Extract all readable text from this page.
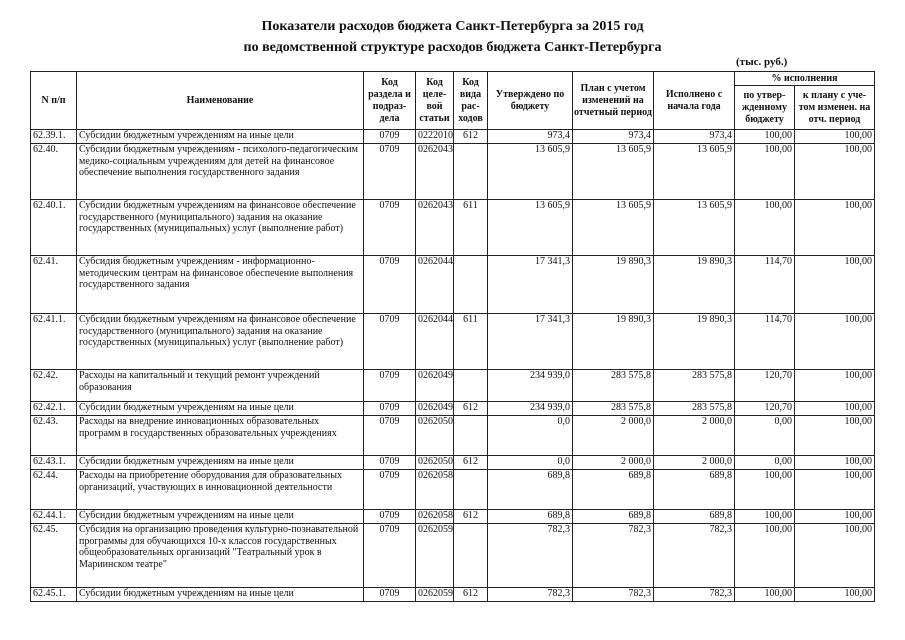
Показатели расходов бюджета Санкт-Петербурга за 2015 год
по ведомственной структуре расходов бюджета Санкт-Петербурга
(тыс. руб.)
N п/п	Наименование	Код раздела и подраз-дела	Код целе-вой статьи	Код вида рас-ходов	Утверждено по бюджету	План с учетом изменений на отчетный период	Исполнено с начала года	% исполнения	
								по утвер-жденному бюджету	к плану с уче-том изменен. на отч. период
62.39.1.	Субсидии бюджетным учреждениям на иные цели	0709	0222010	612	973,4	973,4	973,4	100,00	100,00
62.40.	Субсидии бюджетным учреждениям - психолого-педагогическим медико-социальным учреждениям для детей на финансовое обеспечение выполнения государственного задания	0709	0262043		13 605,9	13 605,9	13 605,9	100,00	100,00
62.40.1.	Субсидии бюджетным учреждениям на финансовое обеспечение государственного (муниципального) задания на оказание государственных (муниципальных) услуг (выполнение работ)	0709	0262043	611	13 605,9	13 605,9	13 605,9	100,00	100,00
62.41.	Субсидия бюджетным учреждениям - информационно-методическим центрам на финансовое обеспечение выполнения государственного задания	0709	0262044		17 341,3	19 890,3	19 890,3	114,70	100,00
62.41.1.	Субсидии бюджетным учреждениям на финансовое обеспечение государственного (муниципального) задания на оказание государственных (муниципальных) услуг (выполнение работ)	0709	0262044	611	17 341,3	19 890,3	19 890,3	114,70	100,00
62.42.	Расходы на капитальный и текущий ремонт учреждений образования	0709	0262049		234 939,0	283 575,8	283 575,8	120,70	100,00
62.42.1.	Субсидии бюджетным учреждениям на иные цели	0709	0262049	612	234 939,0	283 575,8	283 575,8	120,70	100,00
62.43.	Расходы на внедрение инновационных образовательных программ в государственных образовательных учреждениях	0709	0262050		0,0	2 000,0	2 000,0	0,00	100,00
62.43.1.	Субсидии бюджетным учреждениям на иные цели	0709	0262050	612	0,0	2 000,0	2 000,0	0,00	100,00
62.44.	Расходы на приобретение оборудования для образовательных организаций, участвующих в инновационной деятельности	0709	0262058		689,8	689,8	689,8	100,00	100,00
62.44.1.	Субсидии бюджетным учреждениям на иные цели	0709	0262058	612	689,8	689,8	689,8	100,00	100,00
62.45.	Субсидия на организацию проведения культурно-познавательной программы для обучающихся 10-х классов государственных общеобразовательных организаций "Театральный урок в Мариинском театре"	0709	0262059		782,3	782,3	782,3	100,00	100,00
62.45.1.	Субсидии бюджетным учреждениям на иные цели	0709	0262059	612	782,3	782,3	782,3	100,00	100,00
